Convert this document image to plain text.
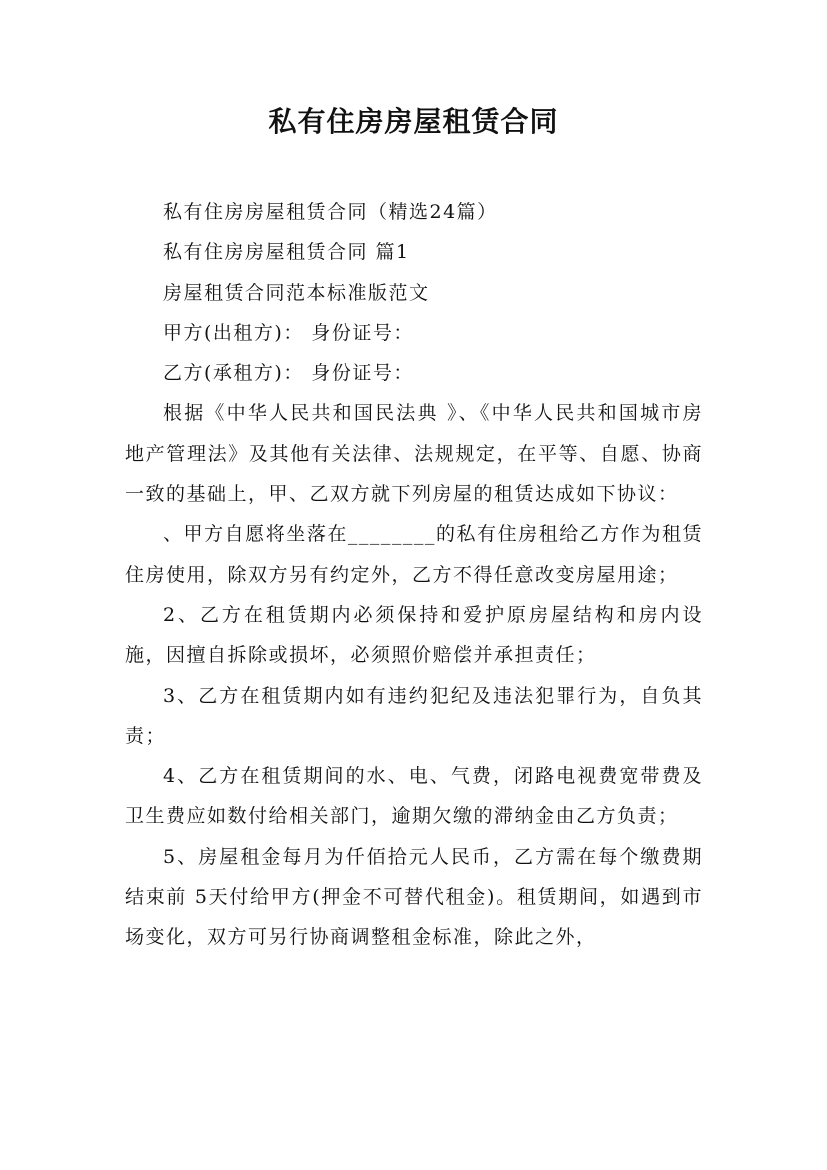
私有住房房屋租赁合同

私有住房房屋租赁合同（精选24篇）

私有住房房屋租赁合同 篇1

房屋租赁合同范本标准版范文

甲方(出租方)： 身份证号：

乙方(承租方)： 身份证号：

根据《中华人民共和国民法典 》、《中华人民共和国城市房地产管理法》及其他有关法律、法规规定，在平等、自愿、协商一致的基础上，甲、乙双方就下列房屋的租赁达成如下协议：

、甲方自愿将坐落在________的私有住房租给乙方作为租赁住房使用，除双方另有约定外，乙方不得任意改变房屋用途；

2、乙方在租赁期内必须保持和爱护原房屋结构和房内设施，因擅自拆除或损坏，必须照价赔偿并承担责任；

3、乙方在租赁期内如有违约犯纪及违法犯罪行为，自负其责；

4、乙方在租赁期间的水、电、气费，闭路电视费宽带费及卫生费应如数付给相关部门，逾期欠缴的滞纳金由乙方负责；

5、房屋租金每月为仟佰拾元人民币，乙方需在每个缴费期结束前 5天付给甲方(押金不可替代租金)。租赁期间，如遇到市场变化，双方可另行协商调整租金标准，除此之外，
